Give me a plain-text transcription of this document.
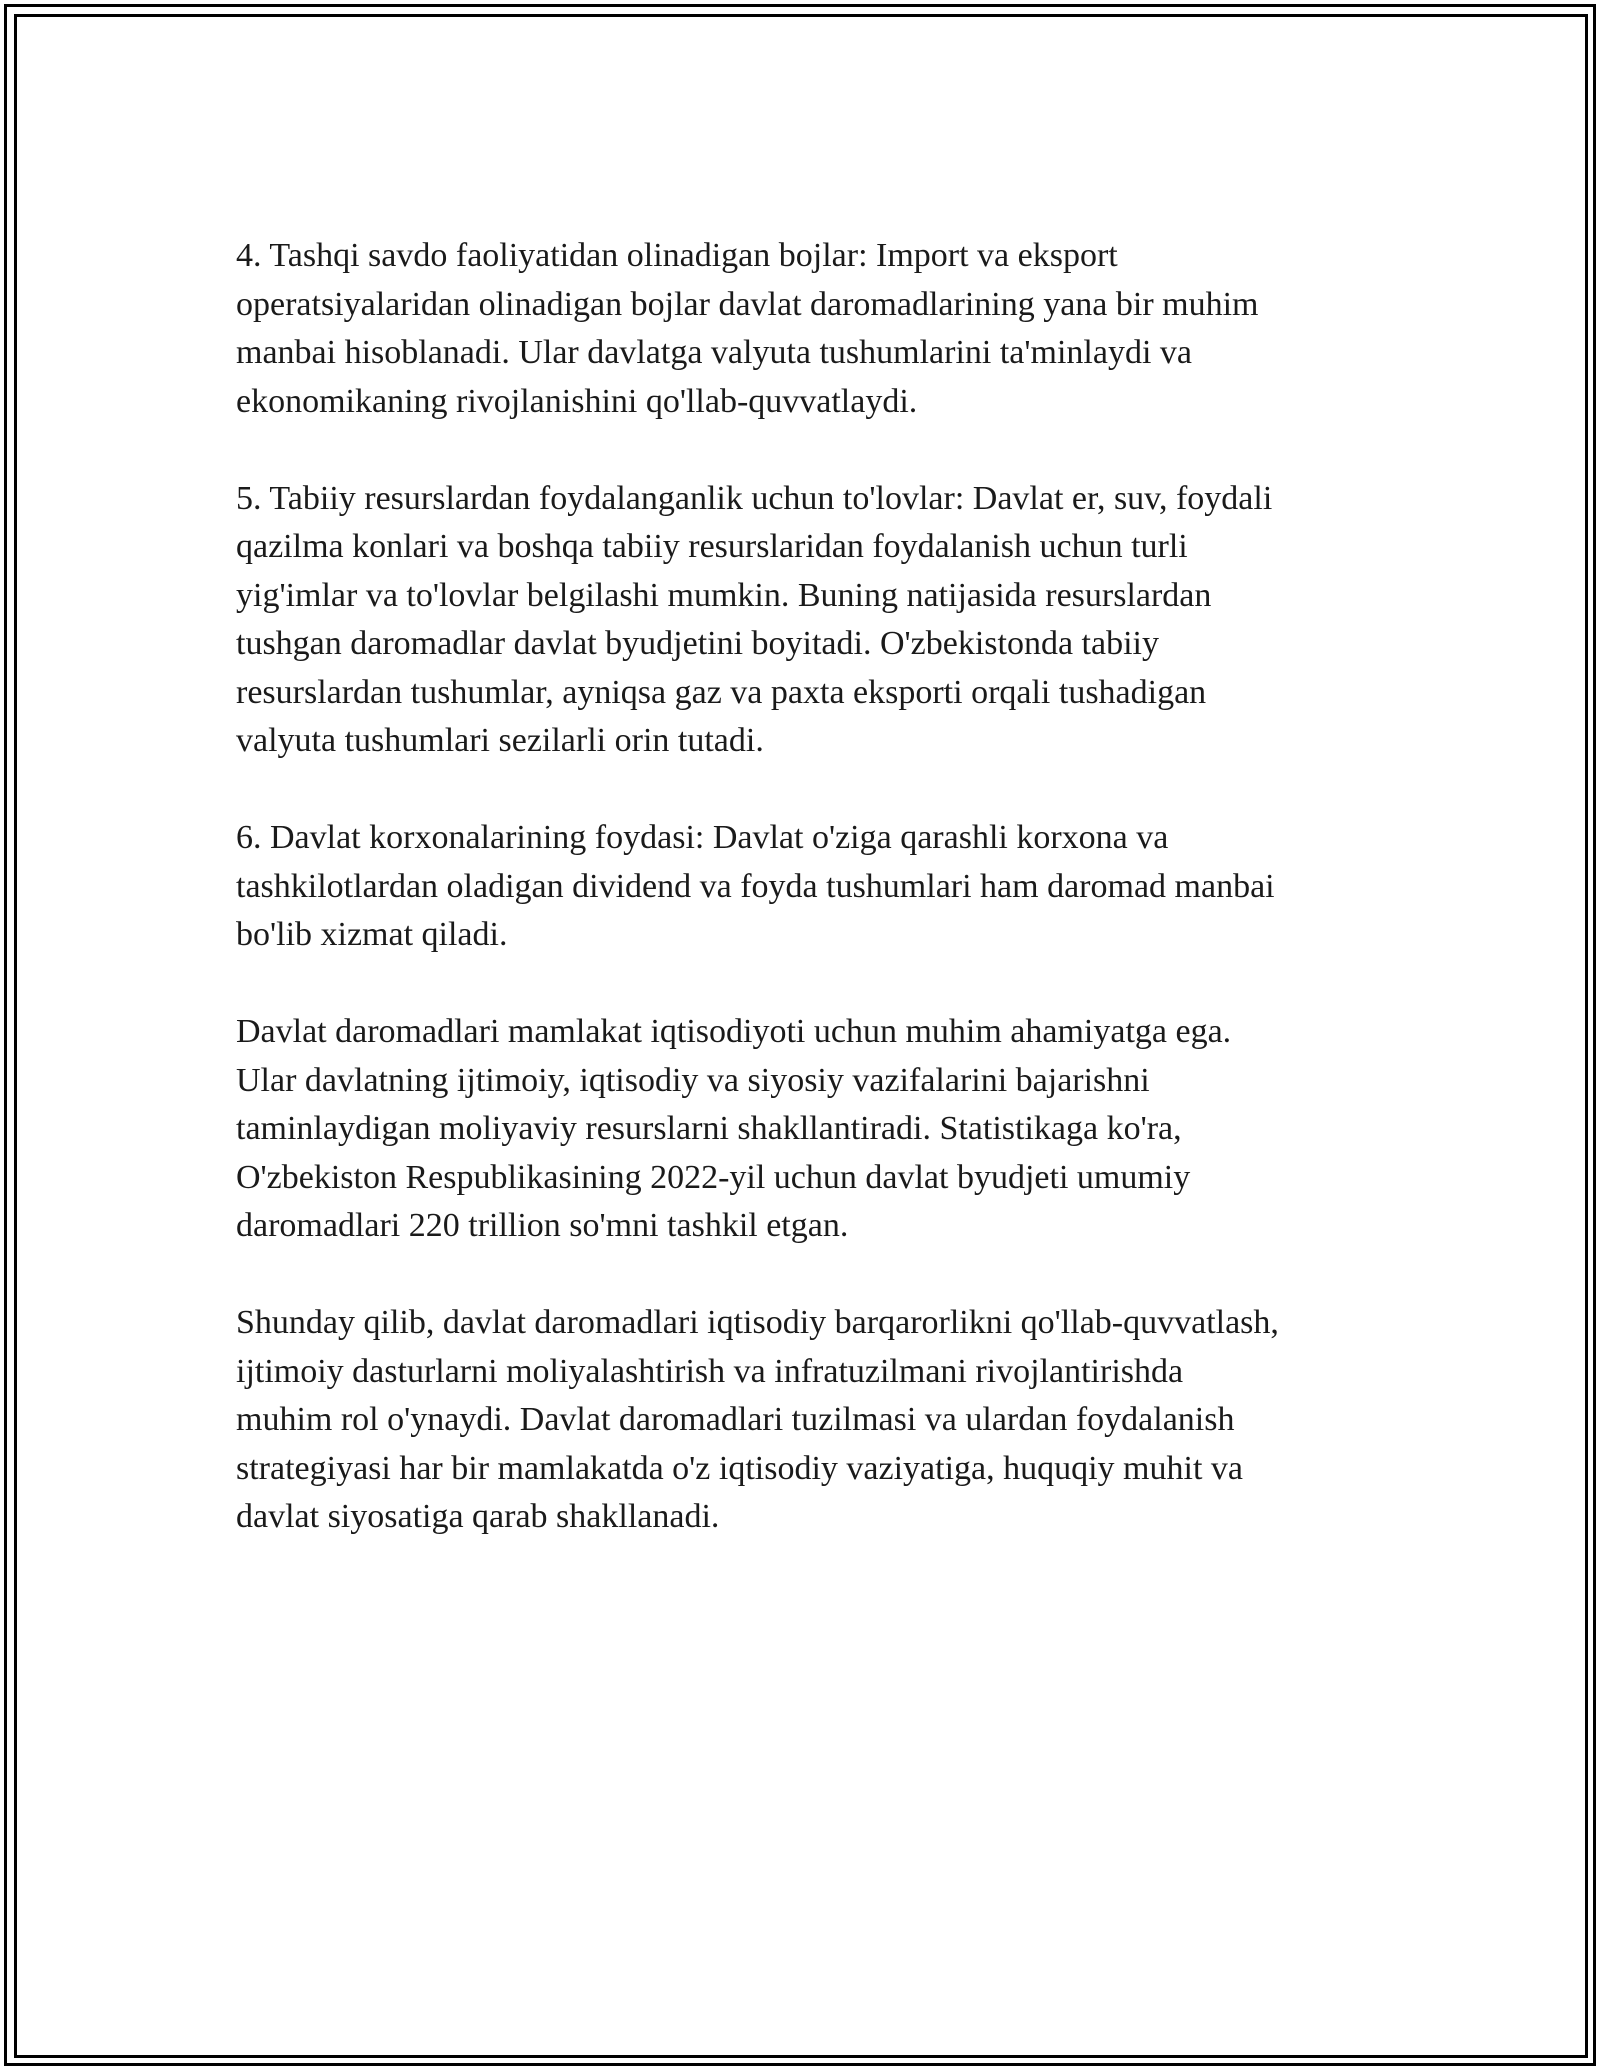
4. Tashqi savdo faoliyatidan olinadigan bojlar: Import va eksport
operatsiyalaridan olinadigan bojlar davlat daromadlarining yana bir muhim
manbai hisoblanadi. Ular davlatga valyuta tushumlarini ta'minlaydi va
ekonomikaning rivojlanishini qo'llab-quvvatlaydi.

5. Tabiiy resurslardan foydalanganlik uchun to'lovlar: Davlat er, suv, foydali
qazilma konlari va boshqa tabiiy resurslaridan foydalanish uchun turli
yig'imlar va to'lovlar belgilashi mumkin. Buning natijasida resurslardan
tushgan daromadlar davlat byudjetini boyitadi. O'zbekistonda tabiiy
resurslardan tushumlar, ayniqsa gaz va paxta eksporti orqali tushadigan
valyuta tushumlari sezilarli orin tutadi.

6. Davlat korxonalarining foydasi: Davlat o'ziga qarashli korxona va
tashkilotlardan oladigan dividend va foyda tushumlari ham daromad manbai
bo'lib xizmat qiladi.

Davlat daromadlari mamlakat iqtisodiyoti uchun muhim ahamiyatga ega.
Ular davlatning ijtimoiy, iqtisodiy va siyosiy vazifalarini bajarishni
taminlaydigan moliyaviy resurslarni shakllantiradi. Statistikaga ko'ra,
O'zbekiston Respublikasining 2022-yil uchun davlat byudjeti umumiy
daromadlari 220 trillion so'mni tashkil etgan.

Shunday qilib, davlat daromadlari iqtisodiy barqarorlikni qo'llab-quvvatlash,
ijtimoiy dasturlarni moliyalashtirish va infratuzilmani rivojlantirishda
muhim rol o'ynaydi. Davlat daromadlari tuzilmasi va ulardan foydalanish
strategiyasi har bir mamlakatda o'z iqtisodiy vaziyatiga, huquqiy muhit va
davlat siyosatiga qarab shakllanadi.
